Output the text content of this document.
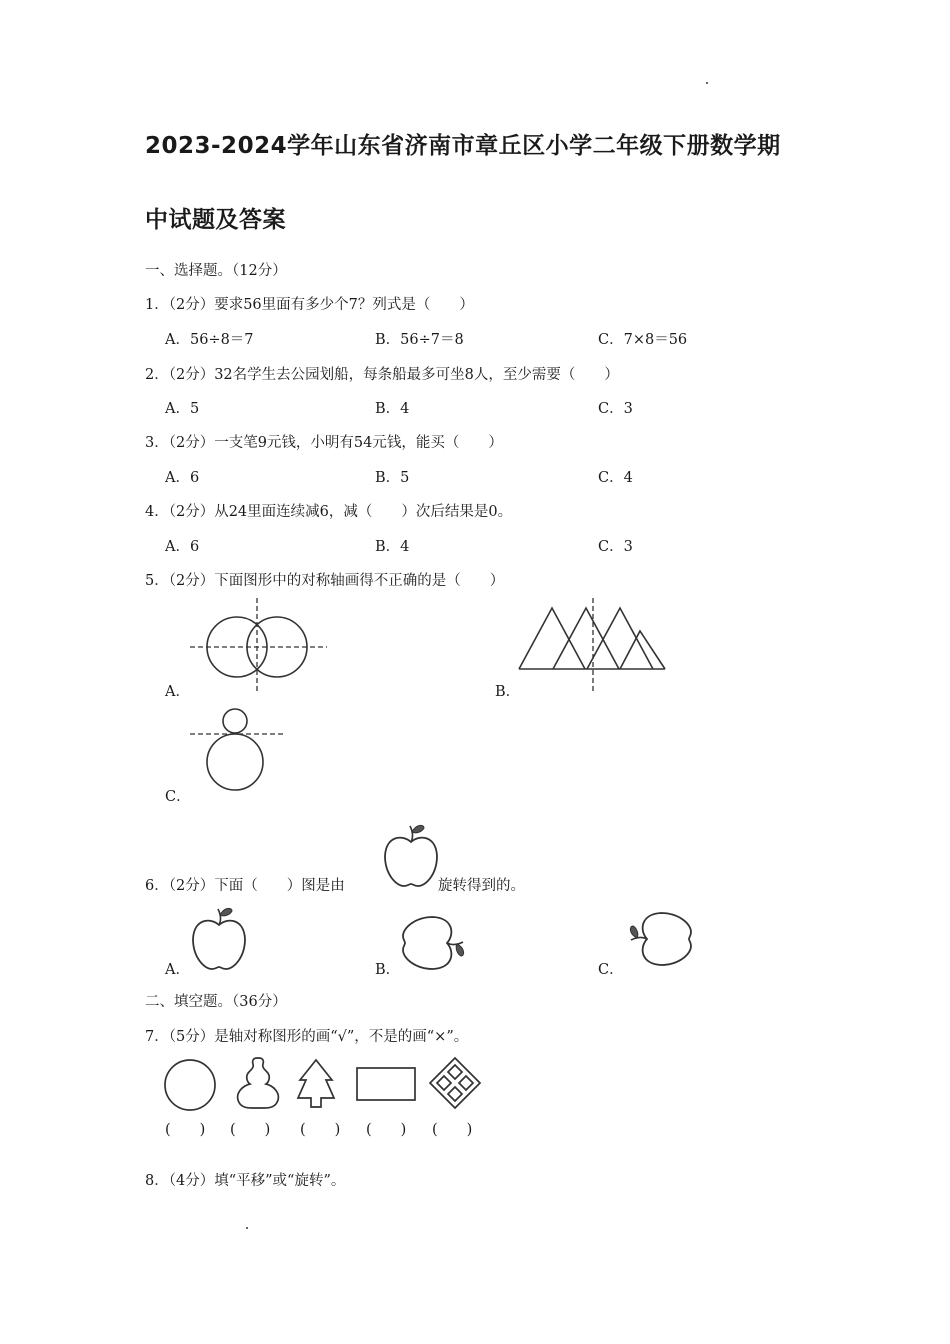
2023-2024学年山东省济南市章丘区小学二年级下册数学期
中试题及答案
一、选择题。（12分）
1．（2分）要求56里面有多少个7？列式是（　　）
A．56÷8＝7	B．56÷7＝8	C．7×8＝56
2．（2分）32名学生去公园划船，每条船最多可坐8人，至少需要（　　）
A．5	B．4	C．3
3．（2分）一支笔9元钱，小明有54元钱，能买（　　）
A．6	B．5	C．4
4．（2分）从24里面连续减6，减（　　）次后结果是0。
A．6	B．4	C．3
5．（2分）下面图形中的对称轴画得不正确的是（　　）
A．	B．
C．
6．（2分）下面（　　）图是由	旋转得到的。
A．	B．	C．
二、填空题。（36分）
7．（5分）是轴对称图形的画“√”，不是的画“×”。
(　　) (　　) (　　) (　　) (　　)
8．（4分）填“平移”或“旋转”。
